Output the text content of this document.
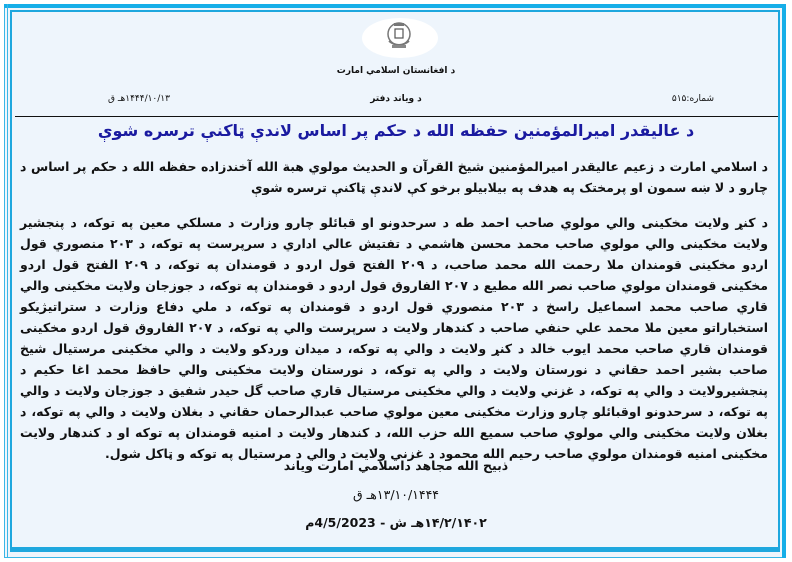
د افغانستان اسلامي امارت
شماره:۵۱۵
د وياند دفتر
۱۴۴۴/۱۰/۱۳هـ ق
د عاليقدر اميرالمؤمنين حفظه الله د حکم پر اساس لاندې ټاکنې ترسره شوې
د اسلامي امارت د زعيم عاليقدر اميرالمؤمنين شيخ القرآن و الحديث مولوي هبة الله آخندزاده حفظه الله د حکم پر اساس د چارو د لا ښه سمون او پرمختک په هدف په بيلابيلو برخو کې لاندې ټاکنې ترسره شوې
د کنړ ولايت مخکينی والي مولوي صاحب احمد طه د سرحدونو او قبائلو چارو وزارت د مسلکي معين په توکه، د پنجشير ولايت مخکينی والي مولوي صاحب محمد محسن هاشمي د تفتيش عالي اداري د سرپرست په توکه، د ۲۰۳ منصوري قول اردو مخکينی قومندان ملا رحمت الله محمد صاحب، د ۲۰۹ الفتح قول اردو د قومندان په توکه، د ۲۰۹ الفتح قول اردو مخکينی قومندان مولوي صاحب نصر الله مطيع د ۲۰۷ الفاروق قول اردو د قومندان په توکه، د جوزجان ولايت مخکينی والي قاري صاحب محمد اسماعيل راسخ د ۲۰۳ منصوري قول اردو د قومندان په توکه، د ملي دفاع وزارت د ستراتيژيکو استخباراتو معين ملا محمد علي حنفي صاحب د کندهار ولايت د سرپرست والي په توکه، د ۲۰۷ الفاروق قول اردو مخکينی قومندان قاري صاحب محمد ايوب خالد د کنړ ولايت د والي په توکه، د ميدان وردکو ولايت د والي مخکينی مرستيال شيخ صاحب بشير احمد حقاني د نورستان ولايت د والي په توکه، د نورستان ولايت مخکينی والي حافظ محمد اغا حکيم د پنجشيرولايت د والي په توکه، د غزني ولايت د والي مخکينی مرستيال قاري صاحب گل حيدر شفيق د جوزجان ولايت د والي په توکه، د سرحدونو اوقبائلو چارو وزارت مخکينی معين مولوي صاحب عبدالرحمان حقاني د بغلان ولايت د والي په توکه، د بغلان ولايت مخکينی والي مولوي صاحب سميع الله حزب الله، د کندهار ولايت د امنيه قومندان په توکه او د کندهار ولايت مخکينی امنيه قومندان مولوي صاحب رحيم الله محمود د غزني ولايت د والي د مرستيال په توکه و ټاکل شول.
ذبيح الله مجاهد داسلامي امارت وياند
۱۳/۱۰/۱۴۴۴هـ ق
۱۴/۲/۱۴۰۲هـ ش - 4/5/2023م
